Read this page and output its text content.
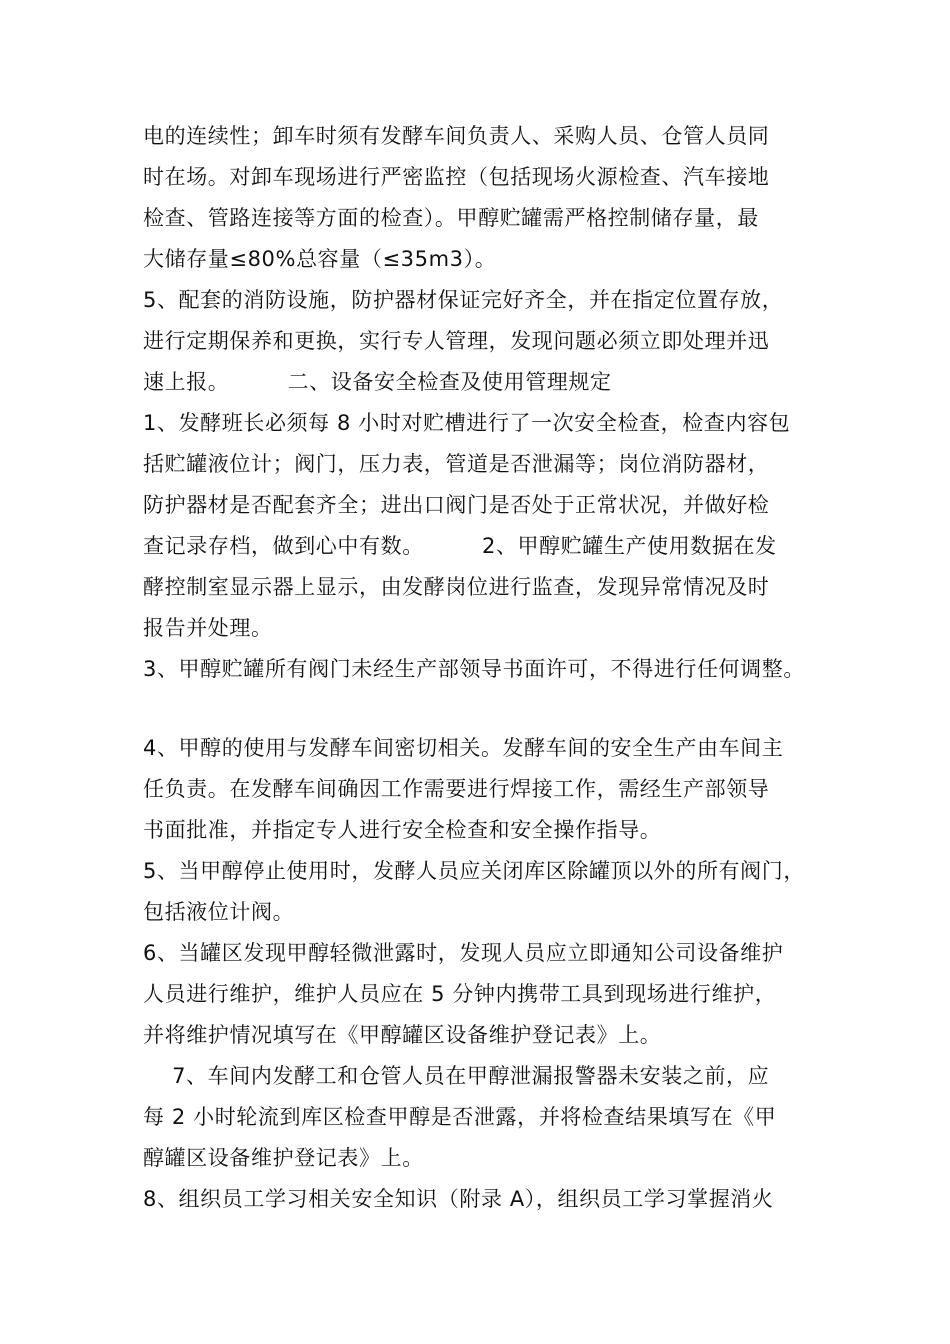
电的连续性；卸车时须有发酵车间负责人、采购人员、仓管人员同
时在场。对卸车现场进行严密监控（包括现场火源检查、汽车接地
检查、管路连接等方面的检查）。甲醇贮罐需严格控制储存量，最
大储存量≤80%总容量（≤35m3）。
5、配套的消防设施，防护器材保证完好齐全，并在指定位置存放，
进行定期保养和更换，实行专人管理，发现问题必须立即处理并迅
速上报。        二、设备安全检查及使用管理规定
1、发酵班长必须每 8 小时对贮槽进行了一次安全检查，检查内容包
括贮罐液位计；阀门，压力表，管道是否泄漏等；岗位消防器材，
防护器材是否配套齐全；进出口阀门是否处于正常状况，并做好检
查记录存档，做到心中有数。        2、甲醇贮罐生产使用数据在发
酵控制室显示器上显示，由发酵岗位进行监查，发现异常情况及时
报告并处理。
3、甲醇贮罐所有阀门未经生产部领导书面许可，不得进行任何调整。
4、甲醇的使用与发酵车间密切相关。发酵车间的安全生产由车间主
任负责。在发酵车间确因工作需要进行焊接工作，需经生产部领导
书面批准，并指定专人进行安全检查和安全操作指导。
5、当甲醇停止使用时，发酵人员应关闭库区除罐顶以外的所有阀门，
包括液位计阀。
6、当罐区发现甲醇轻微泄露时，发现人员应立即通知公司设备维护
人员进行维护，维护人员应在 5 分钟内携带工具到现场进行维护，
并将维护情况填写在《甲醇罐区设备维护登记表》上。
7、车间内发酵工和仓管人员在甲醇泄漏报警器未安装之前，应
每 2 小时轮流到库区检查甲醇是否泄露，并将检查结果填写在《甲
醇罐区设备维护登记表》上。
8、组织员工学习相关安全知识（附录 A），组织员工学习掌握消火
